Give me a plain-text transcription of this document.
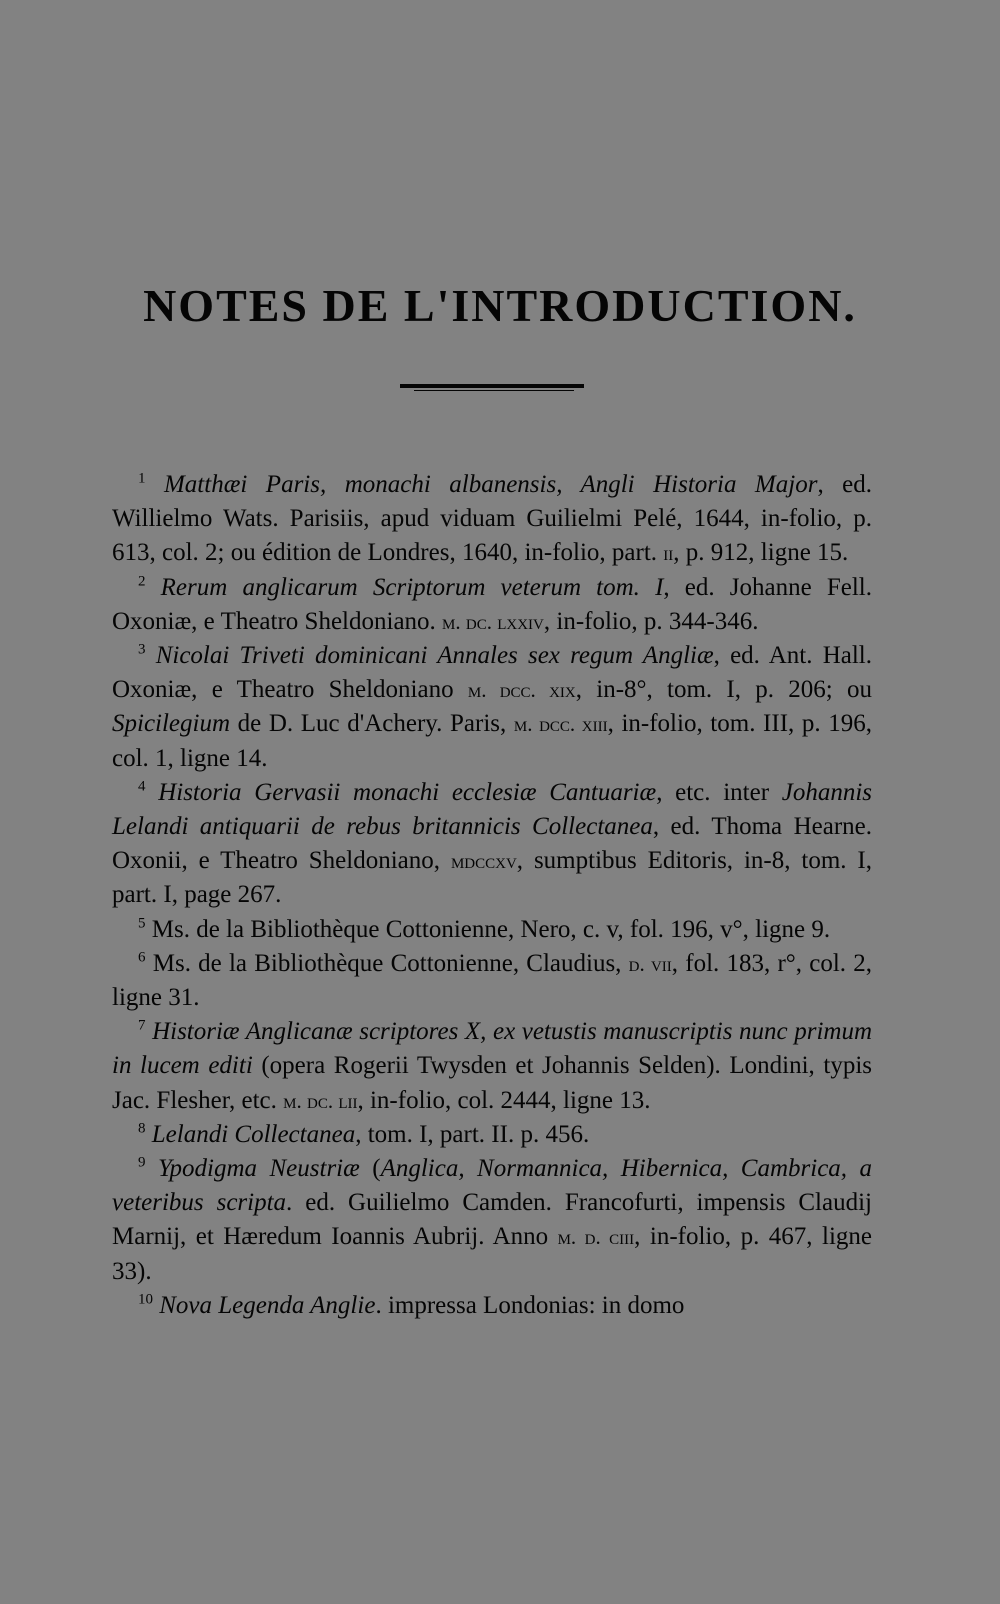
NOTES DE L'INTRODUCTION.

$^1$ Matthæi Paris, monachi albanensis, Angli Historia Major, ed. Willielmo Wats. Parisiis, apud viduam Guilielmi Pelé, 1644, in-folio, p. 613, col. 2; ou édition de Londres, 1640, in-folio, part. ii, p. 912, ligne 15.

$^2$ Rerum anglicarum Scriptorum veterum tom. I, ed. Johanne Fell. Oxoniæ, e Theatro Sheldoniano. m. dc. lxxiv, in-folio, p. 344-346.

$^3$ Nicolai Triveti dominicani Annales sex regum Angliæ, ed. Ant. Hall. Oxoniæ, e Theatro Sheldoniano m. dcc. xix, in-8°, tom. I, p. 206; ou Spicilegium de D. Luc d'Achery. Paris, m. dcc. xiii, in-folio, tom. III, p. 196, col. 1, ligne 14.

$^4$ Historia Gervasii monachi ecclesiæ Cantuariæ, etc. inter Johannis Lelandi antiquarii de rebus britannicis Collectanea, ed. Thoma Hearne. Oxonii, e Theatro Sheldoniano, mdccxv, sumptibus Editoris, in-8, tom. I, part. I, page 267.

$^5$ Ms. de la Bibliothèque Cottonienne, Nero, c. v, fol. 196, v°, ligne 9.

$^6$ Ms. de la Bibliothèque Cottonienne, Claudius, d. vii, fol. 183, r°, col. 2, ligne 31.

$^7$ Historiæ Anglicanæ scriptores X, ex vetustis manuscriptis nunc primum in lucem editi (opera Rogerii Twysden et Johannis Selden). Londini, typis Jac. Flesher, etc. m. dc. lii, in-folio, col. 2444, ligne 13.

$^8$ Lelandi Collectanea, tom. I, part. II. p. 456.

$^9$ Ypodigma Neustriæ (Anglica, Normannica, Hibernica, Cambrica, a veteribus scripta. ed. Guilielmo Camden. Francofurti, impensis Claudij Marnij, et Hæredum Ioannis Aubrij. Anno m. d. ciii, in-folio, p. 467, ligne 33).

$^{10}$ Nova Legenda Anglie. impressa Londonias: in domo
